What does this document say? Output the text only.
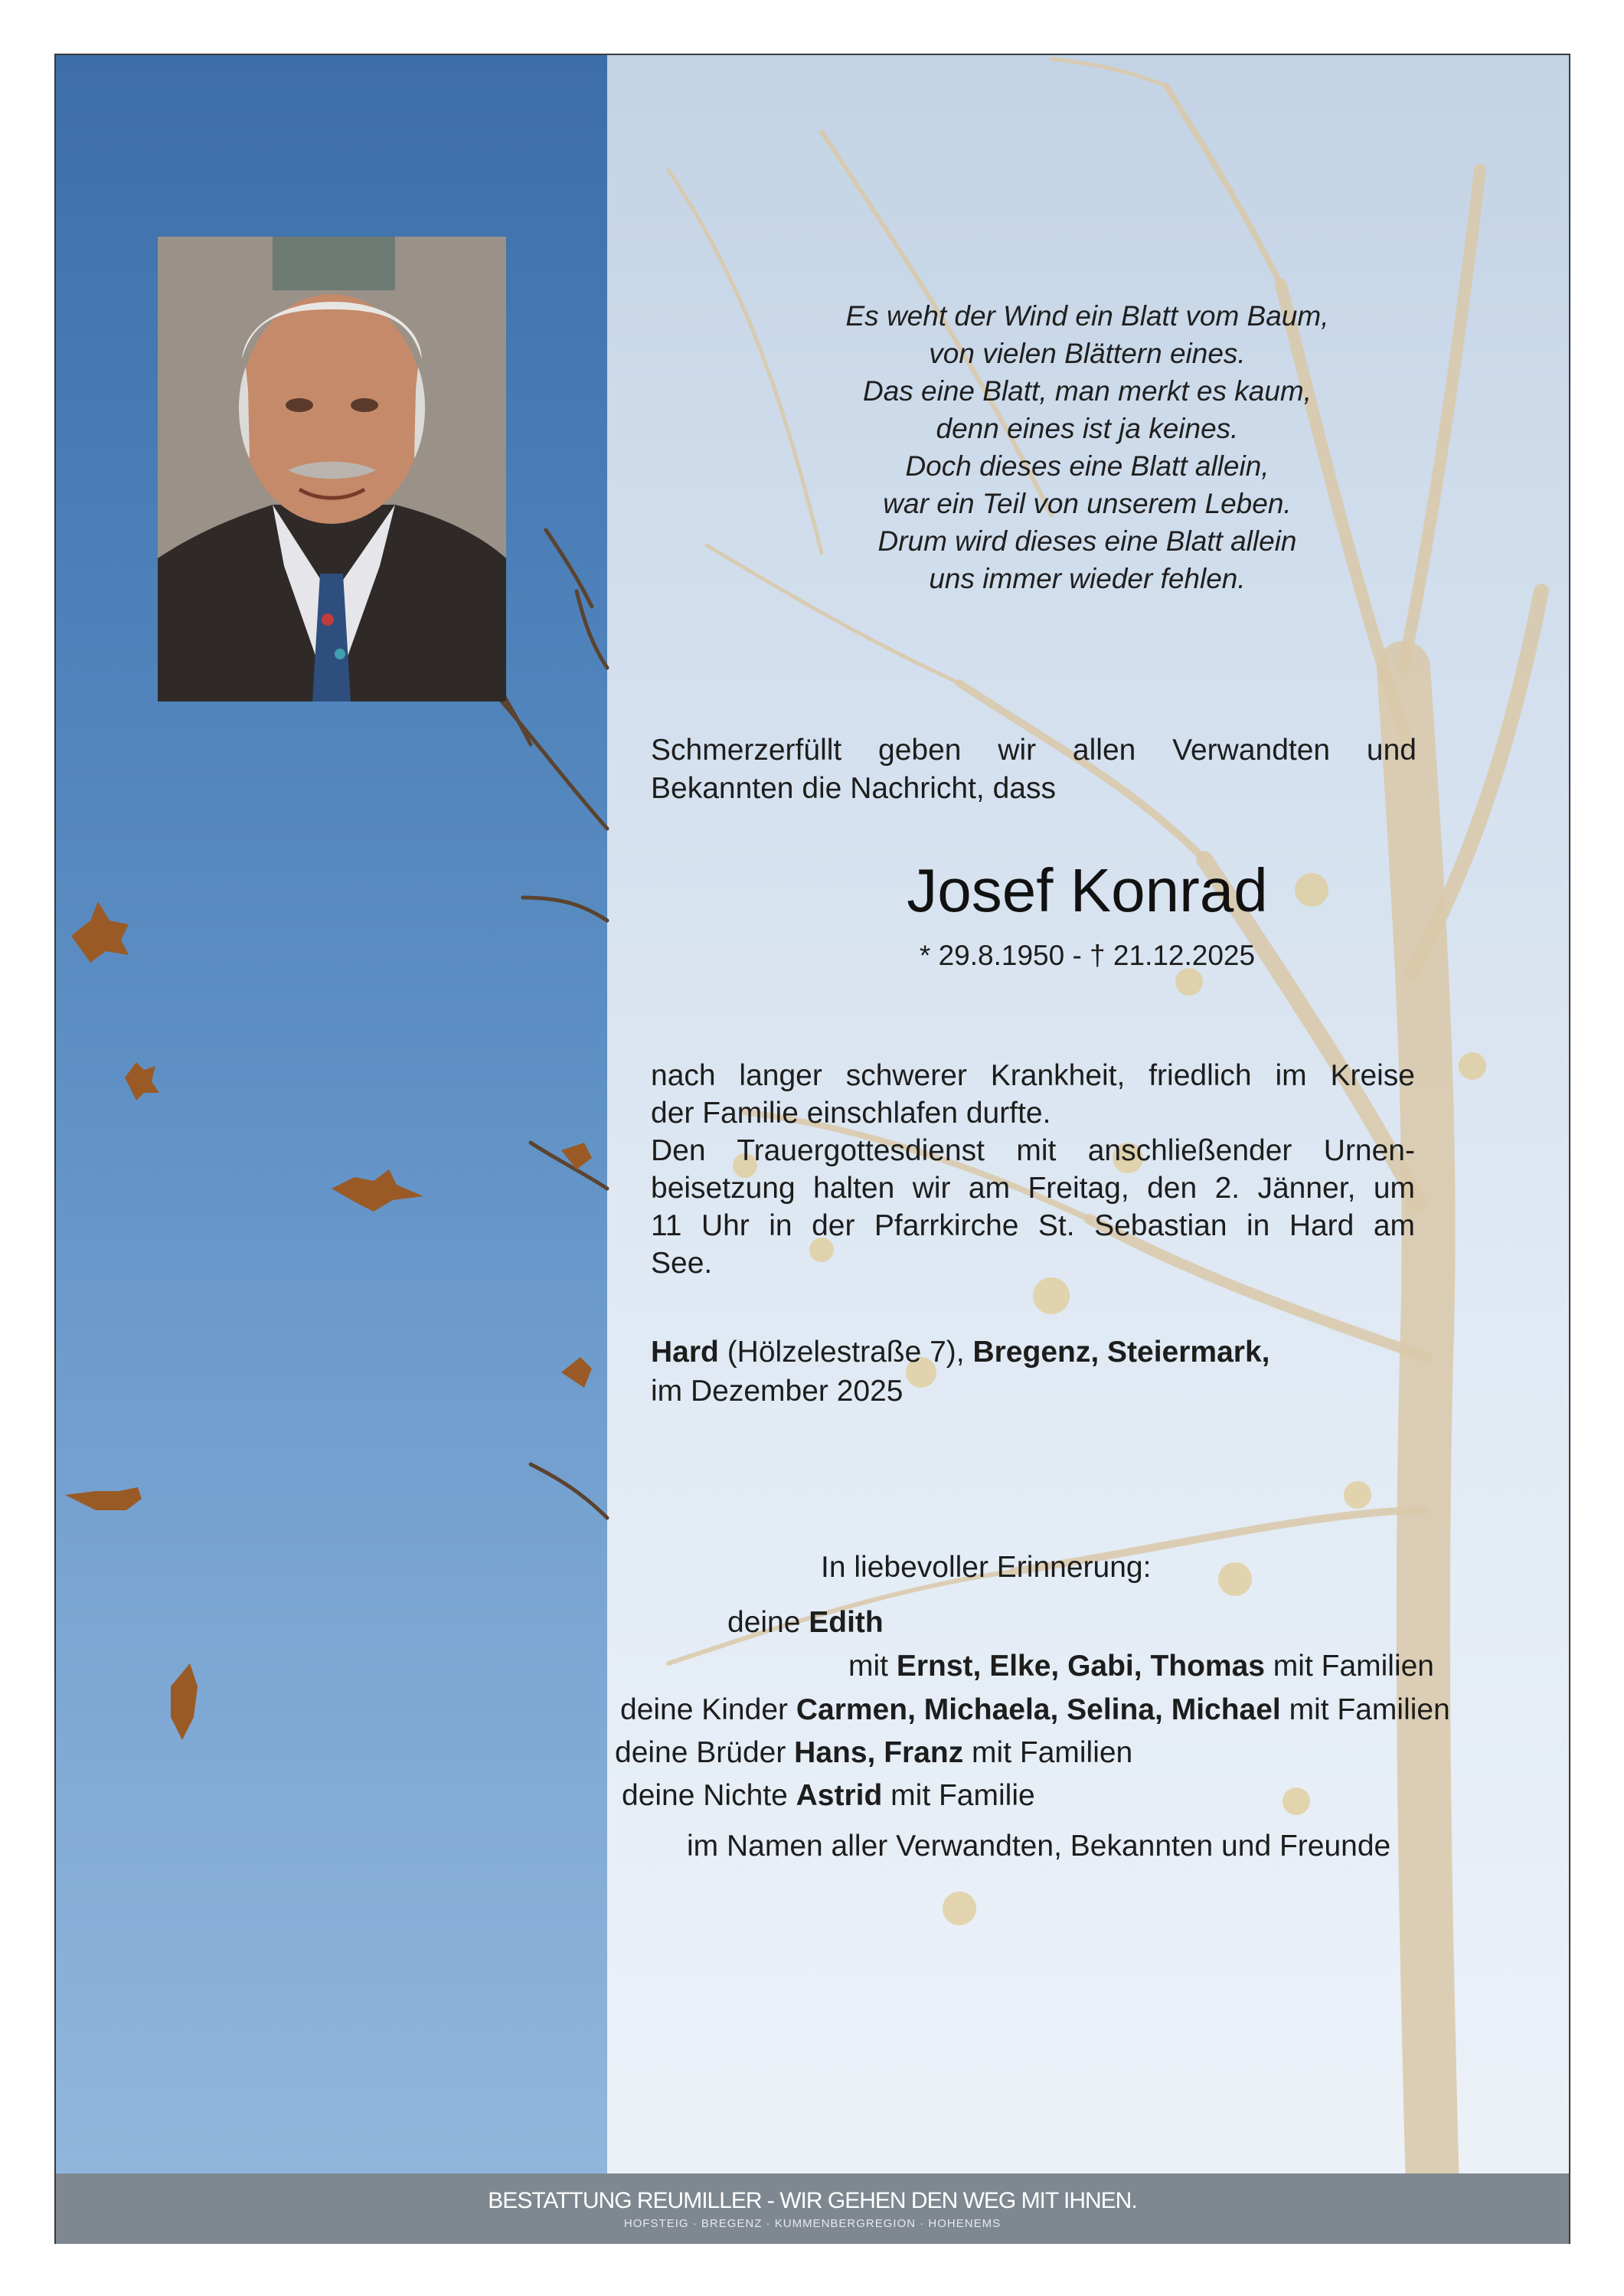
Es weht der Wind ein Blatt vom Baum,
von vielen Blättern eines.
Das eine Blatt, man merkt es kaum,
denn eines ist ja keines.
Doch dieses eine Blatt allein,
war ein Teil von unserem Leben.
Drum wird dieses eine Blatt allein
uns immer wieder fehlen.
Schmerzerfüllt geben wir allen Verwandten und
Bekannten die Nachricht, dass
Josef Konrad
* 29.8.1950 - † 21.12.2025
nach langer schwerer Krankheit, friedlich im Kreise
der Familie einschlafen durfte.
Den Trauergottesdienst mit anschließender Urnen-
beisetzung halten wir am Freitag, den 2. Jänner, um
11 Uhr in der Pfarrkirche St. Sebastian in Hard am
See.
Hard (Hölzelestraße 7), Bregenz, Steiermark,
im Dezember 2025
In liebevoller Erinnerung:
deine Edith
mit Ernst, Elke, Gabi, Thomas mit Familien
deine Kinder Carmen, Michaela, Selina, Michael mit Familien
deine Brüder Hans, Franz mit Familien
deine Nichte Astrid mit Familie
im Namen aller Verwandten, Bekannten und Freunde
BESTATTUNG REUMILLER - WIR GEHEN DEN WEG MIT IHNEN.
HOFSTEIG · BREGENZ · KUMMENBERGREGION · HOHENEMS
